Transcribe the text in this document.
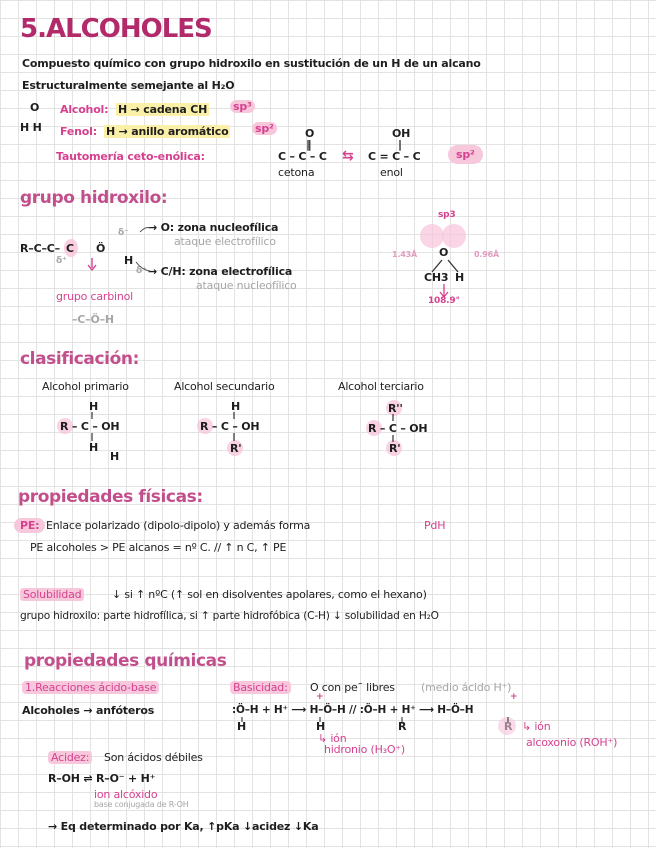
5.ALCOHOLES
Compuesto químico con grupo hidroxilo en sustitución de un H de un alcano
Estructuralmente semejante al H₂O
O
H H
Alcohol: H → cadena CH sp³
Fenol: H → anillo aromático sp²
Tautomería ceto-enólica:
O
‖
C – C – C ⇆
OH
|
C = C – C
cetona	enol
sp²
grupo hidroxilo:
R–C–C– C Ö
H
δ⁻
δ⁺
δ⁺
→ O: zona nucleofílica
ataque electrofílico
→ C/H: zona electrofílica
ataque nucleofílico
grupo carbinol
–C–Ö–H
sp3
1.43Å	0.96Å
O
CH3 H
108.9°
clasificación:
Alcohol primario	Alcohol secundario	Alcohol terciario
H
R – C – OH
H
H
H
R – C – OH
R'
R''
R – C – OH
R'
propiedades físicas:
PE: Enlace polarizado (dipolo-dipolo) y además forma	PdH
PE alcoholes > PE alcanos = nº C. // ↑ n C, ↑ PE
Solubilidad	↓ si ↑ nºC (↑ sol en disolventes apolares, como el hexano)
grupo hidroxilo: parte hidrofílica, si ↑ parte hidrofóbica (C-H) ↓ solubilidad en H₂O
propiedades químicas
1.Reacciones ácido-base	Basicidad: O con peˉ libres (medio ácido H⁺)
Alcoholes → anfóteros
+	+
:Ö–H + H⁺ ⟶ H–Ö–H // :Ö–H + H⁺ ⟶ H–Ö–H
H	H	R
↳ ión
hidronio (H₃O⁺)
↳ ión
alcoxonio (ROH⁺)
Acidez: Son ácidos débiles
R–OH ⇌ R–O⁻ + H⁺
ion alcóxido
base conjugada de R-OH
→ Eq determinado por Ka, ↑pKa ↓acidez ↓Ka
